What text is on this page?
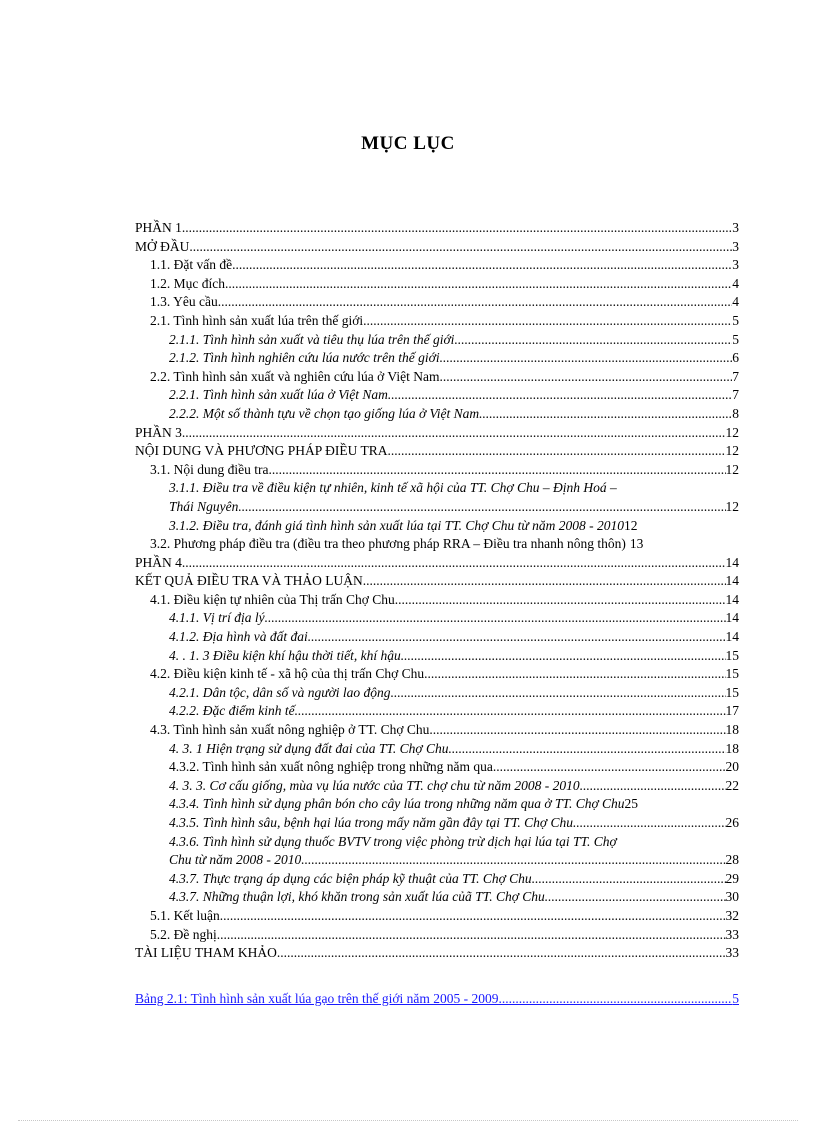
MỤC LỤC
PHẦN 1 .....	3
MỞ ĐẦU .....	3
1.1. Đặt vấn đề .....	3
1.2. Mục đích .....	4
1.3. Yêu cầu .....	4
2.1. Tình hình sản xuất lúa trên thế giới .....	5
2.1.1. Tình hình sản xuất và tiêu thụ lúa trên thế giới .....	5
2.1.2. Tình hình nghiên cứu lúa nước trên thế giới .....	6
2.2. Tình hình sản xuất và nghiên cứu lúa ở Việt Nam .....	7
2.2.1. Tình hình sản xuất lúa ở Việt Nam .....	7
2.2.2. Một số thành tựu về chọn tạo giống lúa ở Việt Nam .....	8
PHẦN 3 .....	12
NỘI DUNG VÀ PHƯƠNG PHÁP ĐIỀU TRA .....	12
3.1. Nội dung điều tra .....	12
3.1.1. Điều tra về điều kiện tự nhiên, kinh tế xã hội của TT. Chợ Chu – Định Hoá –
Thái Nguyên .....	12
3.1.2. Điều tra, đánh giá tình hình sản xuất lúa tại TT. Chợ Chu từ năm 2008 - 2010 12
3.2. Phương pháp điều tra (điều tra theo phương pháp RRA – Điều tra nhanh nông thôn) 13
PHẦN 4 .....	14
KẾT QUẢ ĐIỀU TRA VÀ THẢO LUẬN .....	14
4.1. Điều kiện tự nhiên của Thị trấn Chợ Chu .....	14
4.1.1. Vị trí địa lý .....	14
4.1.2. Địa hình và đất đai .....	14
4. . 1. 3 Điều kiện khí hậu thời tiết, khí hậu .....	15
4.2. Điều kiện kinh tế - xã hộ của thị trấn Chợ Chu .....	15
4.2.1. Dân tộc, dân số và người lao động .....	15
4.2.2. Đặc điểm kinh tế .....	17
4.3. Tình hình sản xuất nông nghiệp ở TT. Chợ Chu .....	18
4. 3. 1 Hiện trạng sử dụng đất đai của TT. Chợ Chu .....	18
4.3.2. Tình hình sản xuất nông nghiệp trong những năm qua .....	20
4. 3. 3. Cơ cấu giống, mùa vụ lúa nước của TT. chợ chu từ năm 2008 - 2010 .....	22
4.3.4. Tình hình sử dụng phân bón cho cây lúa trong những năm qua ở TT. Chợ Chu 25
4.3.5. Tình hình sâu, bệnh hại lúa trong mấy năm gần đây tại TT. Chợ Chu .....	26
4.3.6. Tình hình sử dụng thuốc BVTV trong việc phòng trừ dịch hại lúa tại TT. Chợ
Chu từ năm 2008 - 2010 .....	28
4.3.7. Thực trạng áp dụng các biện pháp kỹ thuật của TT. Chợ Chu .....	29
4.3.7. Những thuận lợi, khó khăn trong sản xuất lúa củã TT. Chợ Chu .....	30
5.1. Kết luận .....	32
5.2. Đề nghị .....	33
TÀI LIỆU THAM KHẢO .....	33
Bảng 2.1: Tình hình sản xuất lúa gạo trên thế giới năm 2005 - 2009 .....	5
